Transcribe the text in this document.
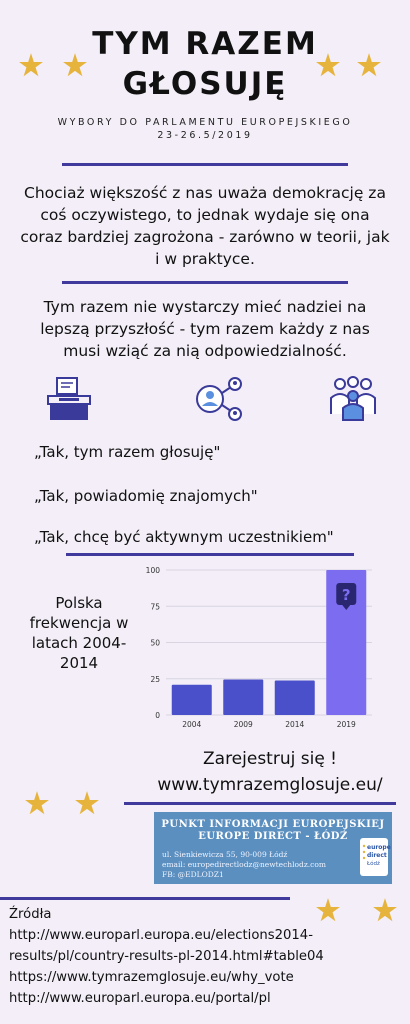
TYM RAZEM
GŁOSUJĘ
WYBORY DO PARLAMENTU EUROPEJSKIEGO
23-26.5/2019
Chociaż większość z nas uważa demokrację za coś oczywistego, to jednak wydaje się ona coraz bardziej zagrożona - zarówno w teorii, jak i w praktyce.
Tym razem nie wystarczy mieć nadziei na lepszą przyszłość - tym razem każdy z nas musi wziąć za nią odpowiedzialność.
„Tak, tym razem głosuję"
„Tak, powiadomię znajomych"
„Tak, chcę być aktywnym uczestnikiem"
Polska frekwencja w latach 2004-2014
0
25
50
75
100
2004	2009	2014	2019
?
Zarejestruj się !
www.tymrazemglosuje.eu/
PUNKT INFORMACJI EUROPEJSKIEJ
EUROPE DIRECT - ŁÓDŹ
ul. Sienkiewicza 55, 90-009 Łódź
email: europedirectlodz@newtechlodz.com
FB: @EDLODZ1
europe
direct
Łódź
Źródła
http://www.europarl.europa.eu/elections2014-
results/pl/country-results-pl-2014.html#table04
https://www.tymrazemglosuje.eu/why_vote
http://www.europarl.europa.eu/portal/pl
